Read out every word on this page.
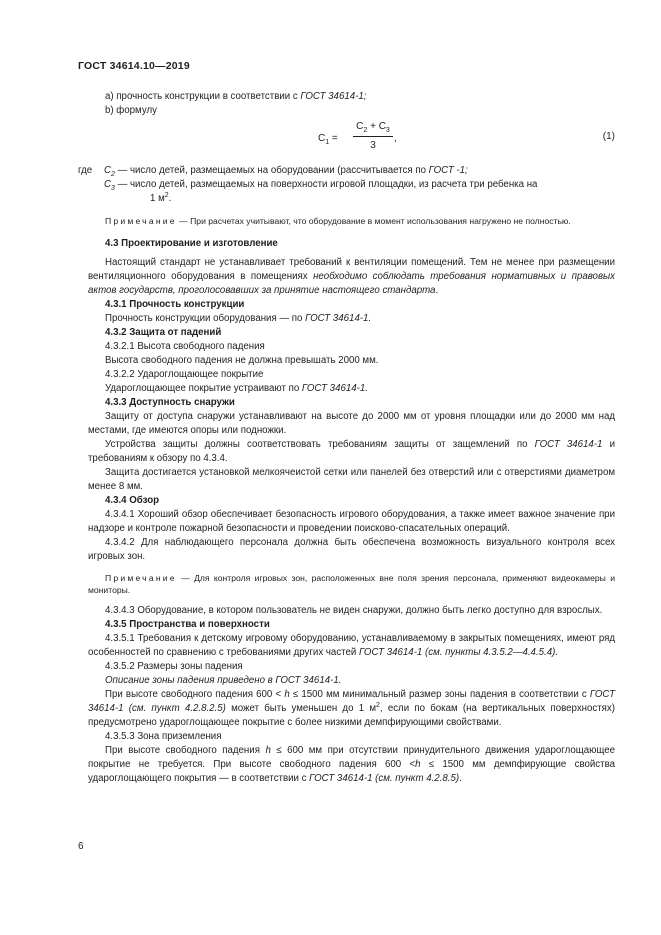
ГОСТ 34614.10—2019

а) прочность конструкции в соответствии с ГОСТ 34614-1;

b) формулу

$C_1 = \frac{C_2 + C_3}{3}$ ,	(1)

где $C_2$ — число детей, размещаемых на оборудовании (рассчитывается по ГОСТ -1;

$C_3$ — число детей, размещаемых на поверхности игровой площадки, из расчета три ребенка на

1 $м^2$.

Примечание — При расчетах учитывают, что оборудование в момент использования нагружено не полностью.

4.3 Проектирование и изготовление

Настоящий стандарт не устанавливает требований к вентиляции помещений. Тем не менее при размещении вентиляционного оборудования в помещениях необходимо соблюдать требования нормативных и правовых актов государств, проголосовавших за принятие настоящего стандарта.

4.3.1 Прочность конструкции

Прочность конструкции оборудования — по ГОСТ 34614-1.

4.3.2 Защита от падений

4.3.2.1 Высота свободного падения

Высота свободного падения не должна превышать 2000 мм.

4.3.2.2 Удароглощающее покрытие

Удароглощающее покрытие устраивают по ГОСТ 34614-1.

4.3.3 Доступность снаружи

Защиту от доступа снаружи устанавливают на высоте до 2000 мм от уровня площадки или до 2000 мм над местами, где имеются опоры или подножки.

Устройства защиты должны соответствовать требованиям защиты от защемлений по ГОСТ 34614-1 и требованиям к обзору по 4.3.4.

Защита достигается установкой мелкоячеистой сетки или панелей без отверстий или с отверстиями диаметром менее 8 мм.

4.3.4 Обзор

4.3.4.1 Хороший обзор обеспечивает безопасность игрового оборудования, а также имеет важное значение при надзоре и контроле пожарной безопасности и проведении поисково-спасательных операций.

4.3.4.2 Для наблюдающего персонала должна быть обеспечена возможность визуального контроля всех игровых зон.

Примечание — Для контроля игровых зон, расположенных вне поля зрения персонала, применяют видеокамеры и мониторы.

4.3.4.3 Оборудование, в котором пользователь не виден снаружи, должно быть легко доступно для взрослых.

4.3.5 Пространства и поверхности

4.3.5.1 Требования к детскому игровому оборудованию, устанавливаемому в закрытых помещениях, имеют ряд особенностей по сравнению с требованиями других частей ГОСТ 34614-1 (см. пункты 4.3.5.2—4.4.5.4).

4.3.5.2 Размеры зоны падения

Описание зоны падения приведено в ГОСТ 34614-1.

При высоте свободного падения 600 < h ≤ 1500 мм минимальный размер зоны падения в соответствии с ГОСТ 34614-1 (см. пункт 4.2.8.2.5) может быть уменьшен до 1 $м^2$, если по бокам (на вертикальных поверхностях) предусмотрено удароглощающее покрытие с более низкими демпфирующими свойствами.

4.3.5.3 Зона приземления

При высоте свободного падения h ≤ 600 мм при отсутствии принудительного движения удароглощающее покрытие не требуется. При высоте свободного падения 600 <h ≤ 1500 мм демпфирующие свойства удароглощающего покрытия — в соответствии с ГОСТ 34614-1 (см. пункт 4.2.8.5).

6
